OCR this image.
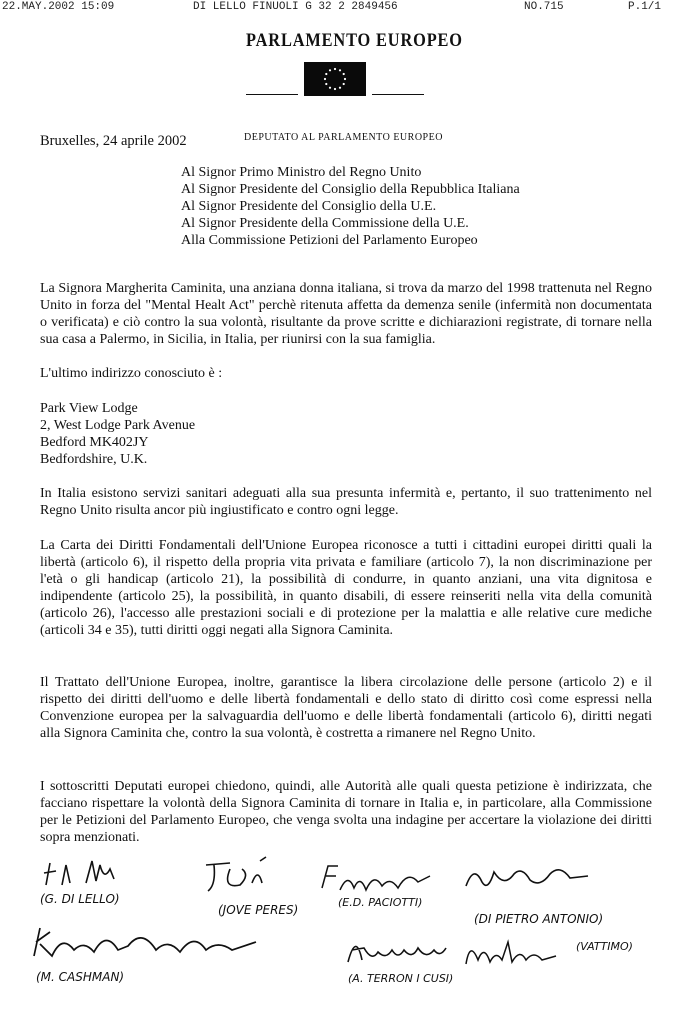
22.MAY.2002 15:09	DI LELLO FINUOLI G 32 2 2849456	NO.715	P.1/1
PARLAMENTO EUROPEO
Bruxelles, 24 aprile 2002	DEPUTATO AL PARLAMENTO EUROPEO
Al Signor Primo Ministro del Regno Unito
Al Signor Presidente del Consiglio della Repubblica Italiana
Al Signor Presidente del Consiglio della U.E.
Al Signor Presidente della Commissione della U.E.
Alla Commissione Petizioni del Parlamento Europeo
La Signora Margherita Caminita, una anziana donna italiana, si trova da marzo del 1998 trattenuta nel Regno Unito in forza del "Mental Healt Act" perchè ritenuta affetta da demenza senile (infermità non documentata o verificata) e ciò contro la sua volontà, risultante da prove scritte e dichiarazioni registrate, di tornare nella sua casa a Palermo, in Sicilia, in Italia, per riunirsi con la sua famiglia.
L'ultimo indirizzo conosciuto è :
Park View Lodge
2, West Lodge Park Avenue
Bedford MK402JY
Bedfordshire, U.K.
In Italia esistono servizi sanitari adeguati alla sua presunta infermità e, pertanto, il suo trattenimento nel Regno Unito risulta ancor più ingiustificato e contro ogni legge.
La Carta dei Diritti Fondamentali dell'Unione Europea riconosce a tutti i cittadini europei diritti quali la libertà (articolo 6), il rispetto della propria vita privata e familiare (articolo 7), la non discriminazione per l'età o gli handicap (articolo 21), la possibilità di condurre, in quanto anziani, una vita dignitosa e indipendente (articolo 25), la possibilità, in quanto disabili, di essere reinseriti nella vita della comunità (articolo 26), l'accesso alle prestazioni sociali e di protezione per la malattia e alle relative cure mediche (articoli 34 e 35), tutti diritti oggi negati alla Signora Caminita.
Il Trattato dell'Unione Europea, inoltre, garantisce la libera circolazione delle persone (articolo 2) e il rispetto dei diritti dell'uomo e delle libertà fondamentali e dello stato di diritto così come espressi nella Convenzione europea per la salvaguardia dell'uomo e delle libertà fondamentali (articolo 6), diritti negati alla Signora Caminita che, contro la sua volontà, è costretta a rimanere nel Regno Unito.
I sottoscritti Deputati europei chiedono, quindi, alle Autorità alle quali questa petizione è indirizzata, che facciano rispettare la volontà della Signora Caminita di tornare in Italia e, in particolare, alla Commissione per le Petizioni del Parlamento Europeo, che venga svolta una indagine per accertare la violazione dei diritti sopra menzionati.
(G. DI LELLO)
(JOVE PERES)
(E.D. PACIOTTI)
(DI PIETRO ANTONIO)
(M. CASHMAN)	(A. TERRON I CUSI)
(VATTIMO)
